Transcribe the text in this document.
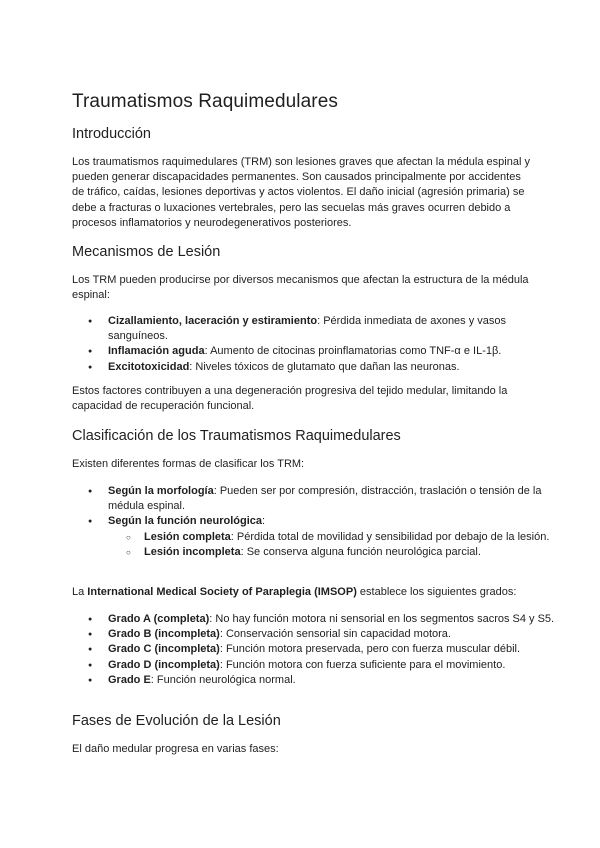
Traumatismos Raquimedulares
Introducción

Los traumatismos raquimedulares (TRM) son lesiones graves que afectan la médula espinal y pueden generar discapacidades permanentes. Son causados principalmente por accidentes de tráfico, caídas, lesiones deportivas y actos violentos. El daño inicial (agresión primaria) se debe a fracturas o luxaciones vertebrales, pero las secuelas más graves ocurren debido a procesos inflamatorios y neurodegenerativos posteriores.

Mecanismos de Lesión

Los TRM pueden producirse por diversos mecanismos que afectan la estructura de la médula espinal:

● Cizallamiento, laceración y estiramiento: Pérdida inmediata de axones y vasos sanguíneos.
● Inflamación aguda: Aumento de citocinas proinflamatorias como TNF-α e IL-1β.
● Excitotoxicidad: Niveles tóxicos de glutamato que dañan las neuronas.

Estos factores contribuyen a una degeneración progresiva del tejido medular, limitando la capacidad de recuperación funcional.

Clasificación de los Traumatismos Raquimedulares

Existen diferentes formas de clasificar los TRM:

● Según la morfología: Pueden ser por compresión, distracción, traslación o tensión de la médula espinal.
● Según la función neurológica:
○ Lesión completa: Pérdida total de movilidad y sensibilidad por debajo de la lesión.
○ Lesión incompleta: Se conserva alguna función neurológica parcial.

La International Medical Society of Paraplegia (IMSOP) establece los siguientes grados:

● Grado A (completa): No hay función motora ni sensorial en los segmentos sacros S4 y S5.
● Grado B (incompleta): Conservación sensorial sin capacidad motora.
● Grado C (incompleta): Función motora preservada, pero con fuerza muscular débil.
● Grado D (incompleta): Función motora con fuerza suficiente para el movimiento.
● Grado E: Función neurológica normal.
Fases de Evolución de la Lesión

El daño medular progresa en varias fases:
